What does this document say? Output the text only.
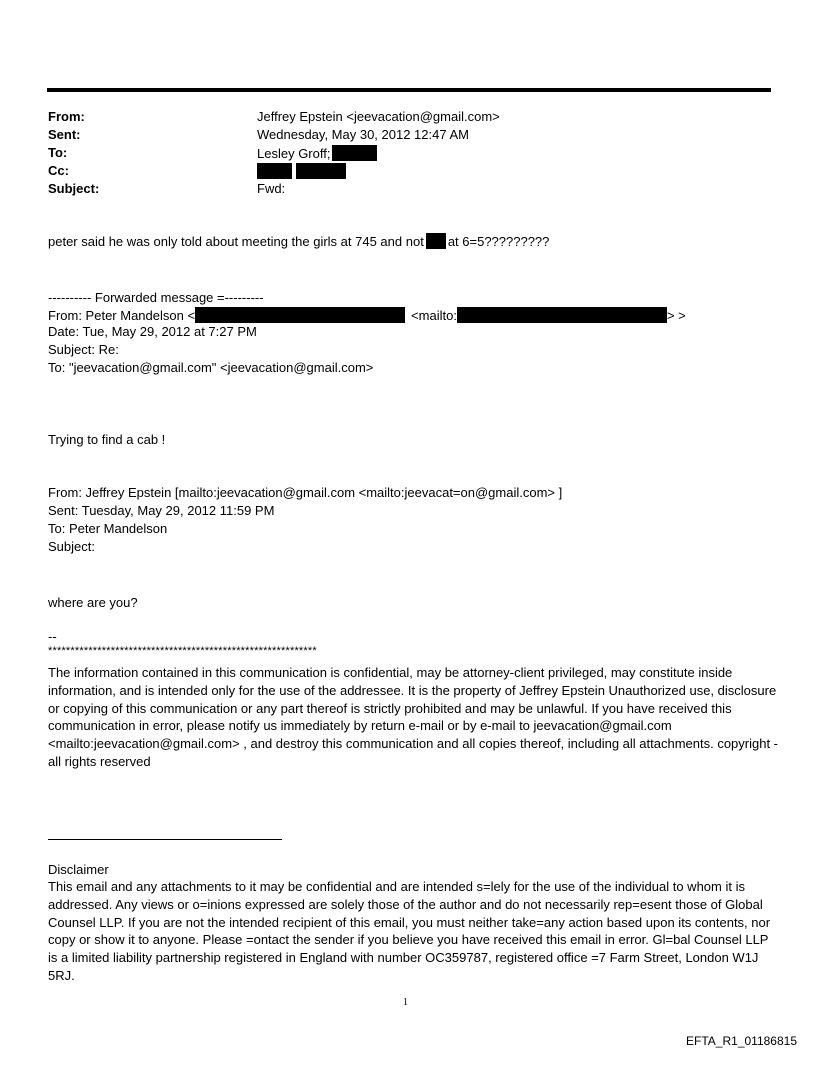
From:	Jeffrey Epstein <jeevacation@gmail.com>
Sent:	Wednesday, May 30, 2012 12:47 AM
To:	Lesley Groff;
Cc:
Subject:	Fwd:
peter said he was only told about meeting the girls at 745 and not at 6=5?????????
---------- Forwarded message =---------
From: Peter Mandelson <	<mailto:	> >
Date: Tue, May 29, 2012 at 7:27 PM
Subject: Re:
To: "jeevacation@gmail.com" <jeevacation@gmail.com>
Trying to find a cab !
From: Jeffrey Epstein [mailto:jeevacation@gmail.com <mailto:jeevacat=on@gmail.com> ]
Sent: Tuesday, May 29, 2012 11:59 PM
To: Peter Mandelson
Subject:
where are you?
--
************************************************************
The information contained in this communication is confidential, may be attorney-client privileged, may constitute inside information, and is intended only for the use of the addressee. It is the property of Jeffrey Epstein Unauthorized use, disclosure or copying of this communication or any part thereof is strictly prohibited and may be unlawful. If you have received this communication in error, please notify us immediately by return e-mail or by e-mail to jeevacation@gmail.com <mailto:jeevacation@gmail.com> , and destroy this communication and all copies thereof, including all attachments. copyright -all rights reserved
Disclaimer
This email and any attachments to it may be confidential and are intended s=lely for the use of the individual to whom it is addressed. Any views or o=inions expressed are solely those of the author and do not necessarily rep=esent those of Global Counsel LLP. If you are not the intended recipient of this email, you must neither take=any action based upon its contents, nor copy or show it to anyone. Please =ontact the sender if you believe you have received this email in error. Gl=bal Counsel LLP is a limited liability partnership registered in England with number OC359787, registered office =7 Farm Street, London W1J 5RJ.
1
EFTA_R1_01186815
